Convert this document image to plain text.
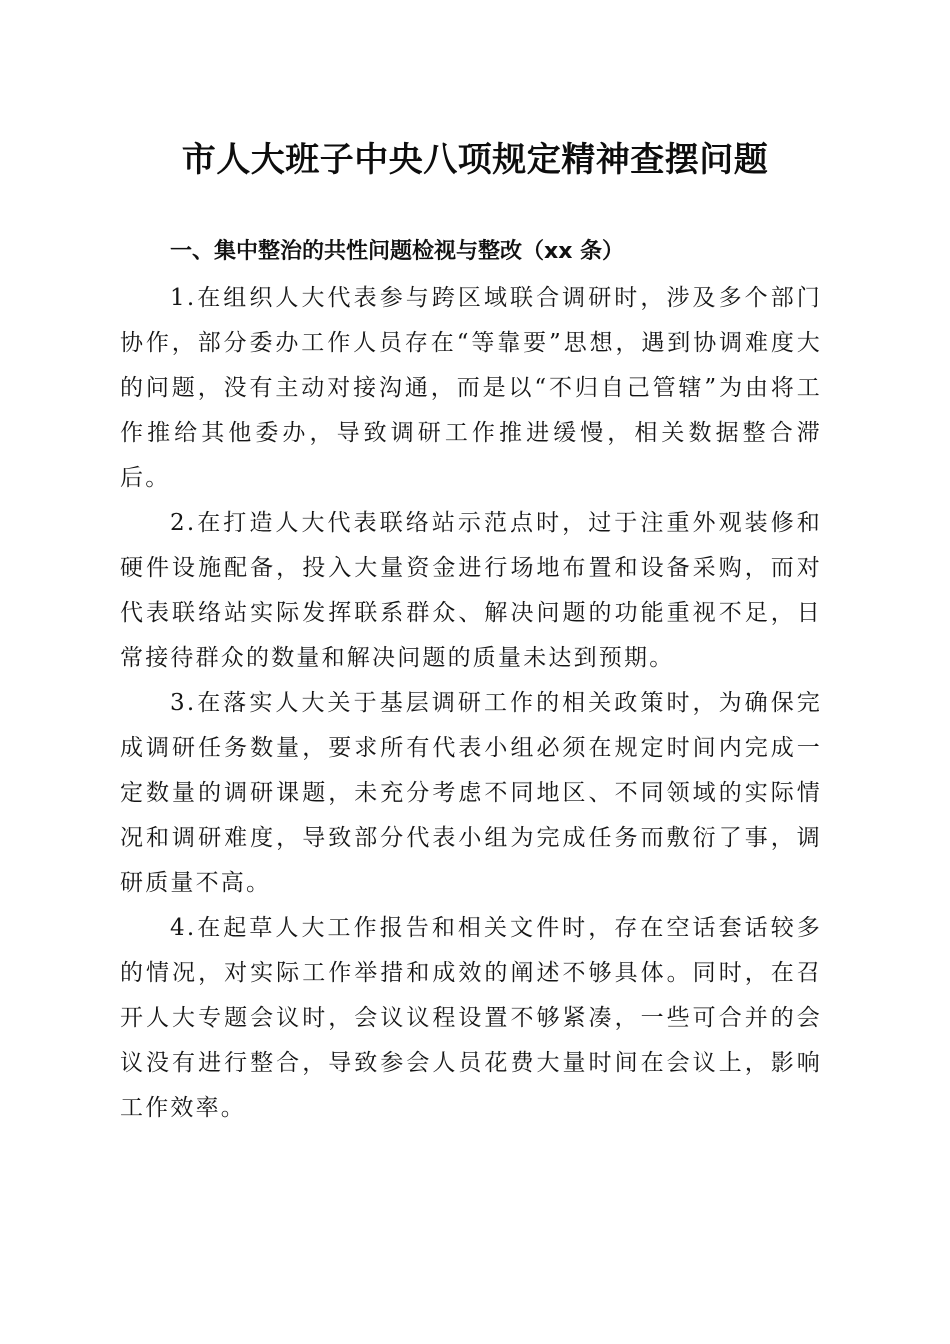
市人大班子中央八项规定精神查摆问题
一、集中整治的共性问题检视与整改（xx 条）

1.在组织人大代表参与跨区域联合调研时，涉及多个部门协作，部分委办工作人员存在“等靠要”思想，遇到协调难度大的问题，没有主动对接沟通，而是以“不归自己管辖”为由将工作推给其他委办，导致调研工作推进缓慢，相关数据整合滞后。

2.在打造人大代表联络站示范点时，过于注重外观装修和硬件设施配备，投入大量资金进行场地布置和设备采购，而对代表联络站实际发挥联系群众、解决问题的功能重视不足，日常接待群众的数量和解决问题的质量未达到预期。

3.在落实人大关于基层调研工作的相关政策时，为确保完成调研任务数量，要求所有代表小组必须在规定时间内完成一定数量的调研课题，未充分考虑不同地区、不同领域的实际情况和调研难度，导致部分代表小组为完成任务而敷衍了事，调研质量不高。

4.在起草人大工作报告和相关文件时，存在空话套话较多的情况，对实际工作举措和成效的阐述不够具体。同时，在召开人大专题会议时，会议议程设置不够紧凑，一些可合并的会议没有进行整合，导致参会人员花费大量时间在会议上，影响工作效率。
